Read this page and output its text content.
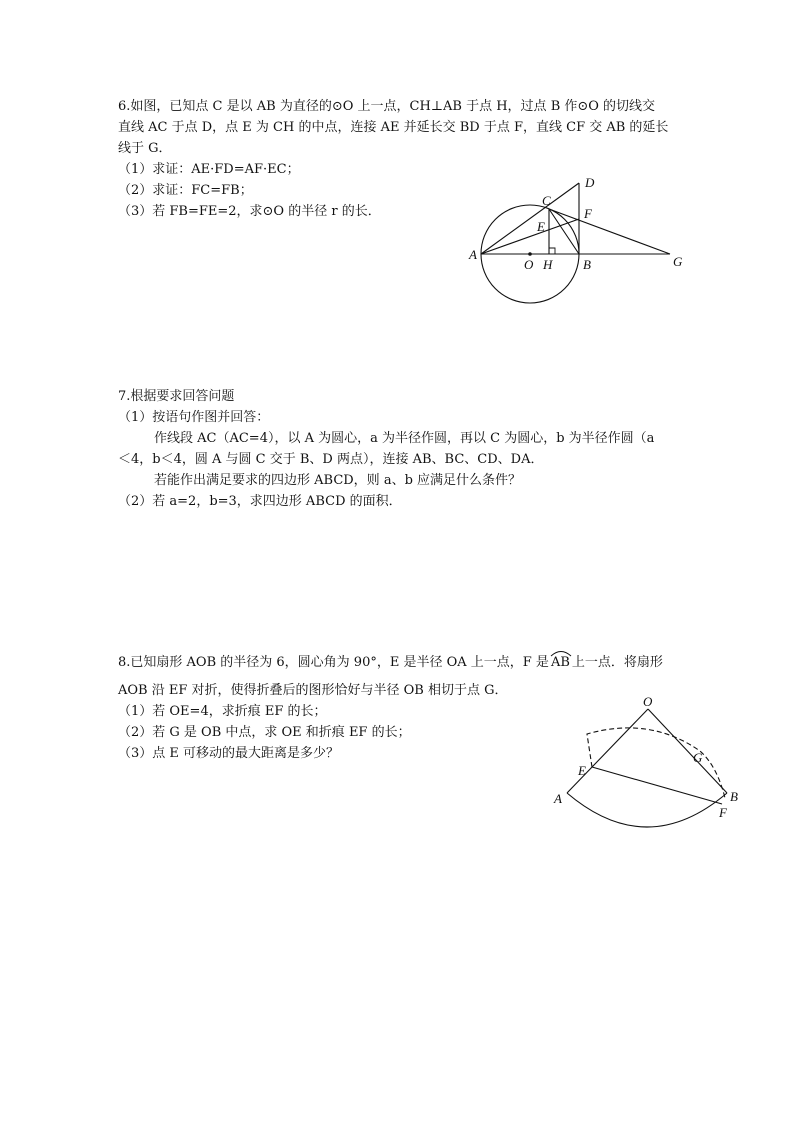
6.如图，已知点 C 是以 AB 为直径的⊙O 上一点，CH⊥AB 于点 H，过点 B 作⊙O 的切线交
直线 AC 于点 D，点 E 为 CH 的中点，连接 AE 并延长交 BD 于点 F，直线 CF 交 AB 的延长
线于 G．
（1）求证：AE·FD=AF·EC；
（2）求证：FC=FB；
（3）若 FB=FE=2，求⊙O 的半径 r 的长．
A
O H B	G
C
D
F
E
7.根据要求回答问题
（1）按语句作图并回答：
作线段 AC（AC=4），以 A 为圆心，a 为半径作圆，再以 C 为圆心，b 为半径作圆（a
＜4，b＜4，圆 A 与圆 C 交于 B、D 两点），连接 AB、BC、CD、DA．
若能作出满足要求的四边形 ABCD，则 a、b 应满足什么条件？
（2）若 a=2，b=3，求四边形 ABCD 的面积．
8.已知扇形 AOB 的半径为 6，圆心角为 90°，E 是半径 OA 上一点，F 是 AB 上一点．将扇形
AOB 沿 EF 对折，使得折叠后的图形恰好与半径 OB 相切于点 G．
（1）若 OE=4，求折痕 EF 的长；
（2）若 G 是 OB 中点，求 OE 和折痕 EF 的长；
（3）点 E 可移动的最大距离是多少？
O
G
E
A	B
F
